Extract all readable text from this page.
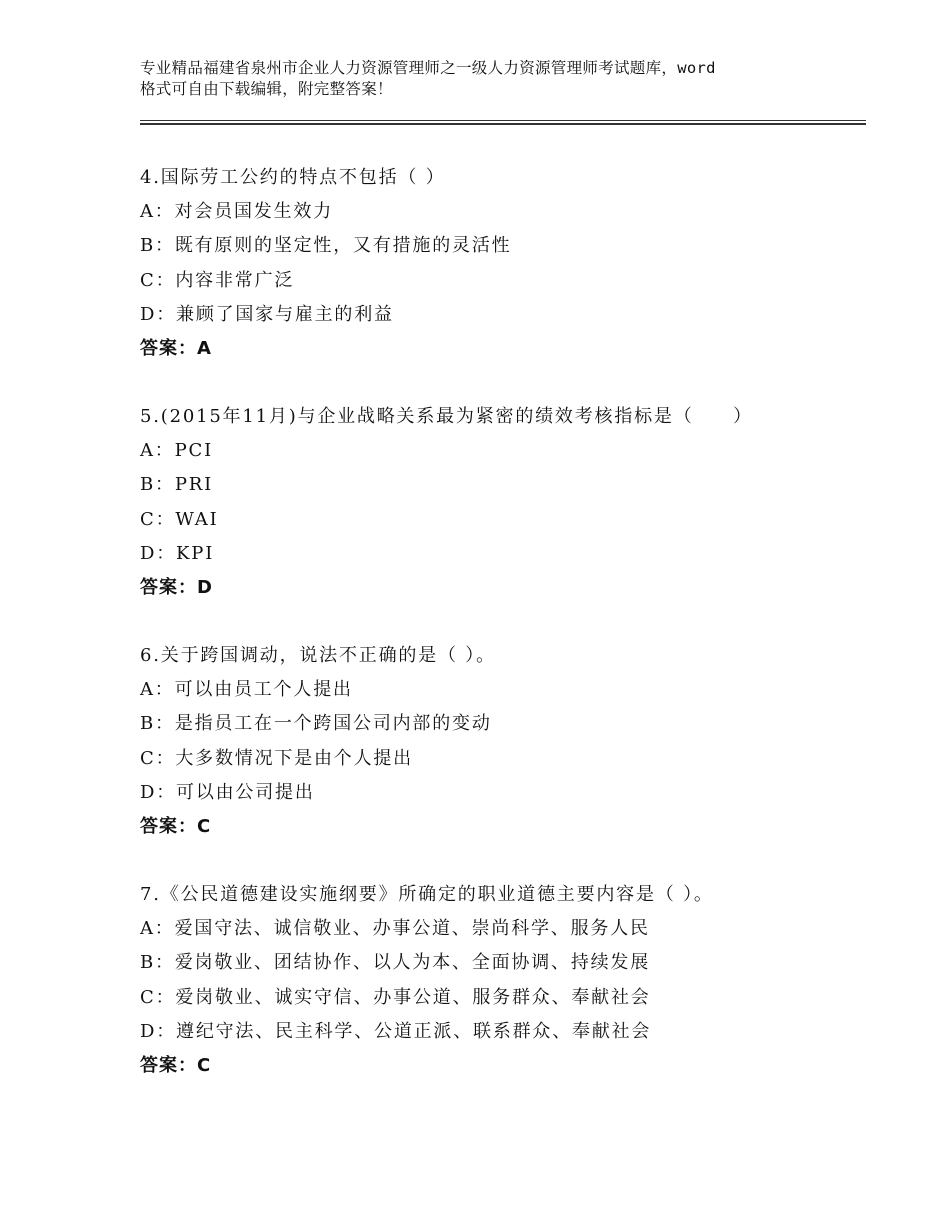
专业精品福建省泉州市企业人力资源管理师之一级人力资源管理师考试题库，word
格式可自由下载编辑，附完整答案！
4.国际劳工公约的特点不包括（ ）
A：对会员国发生效力
B：既有原则的坚定性，又有措施的灵活性
C：内容非常广泛
D：兼顾了国家与雇主的利益
答案：A
5.(2015年11月)与企业战略关系最为紧密的绩效考核指标是（　　）
A：PCI
B：PRI
C：WAI
D：KPI
答案：D
6.关于跨国调动，说法不正确的是（ ）。
A：可以由员工个人提出
B：是指员工在一个跨国公司内部的变动
C：大多数情况下是由个人提出
D：可以由公司提出
答案：C
7.《公民道德建设实施纲要》所确定的职业道德主要内容是（ ）。
A：爱国守法、诚信敬业、办事公道、崇尚科学、服务人民
B：爱岗敬业、团结协作、以人为本、全面协调、持续发展
C：爱岗敬业、诚实守信、办事公道、服务群众、奉献社会
D：遵纪守法、民主科学、公道正派、联系群众、奉献社会
答案：C
